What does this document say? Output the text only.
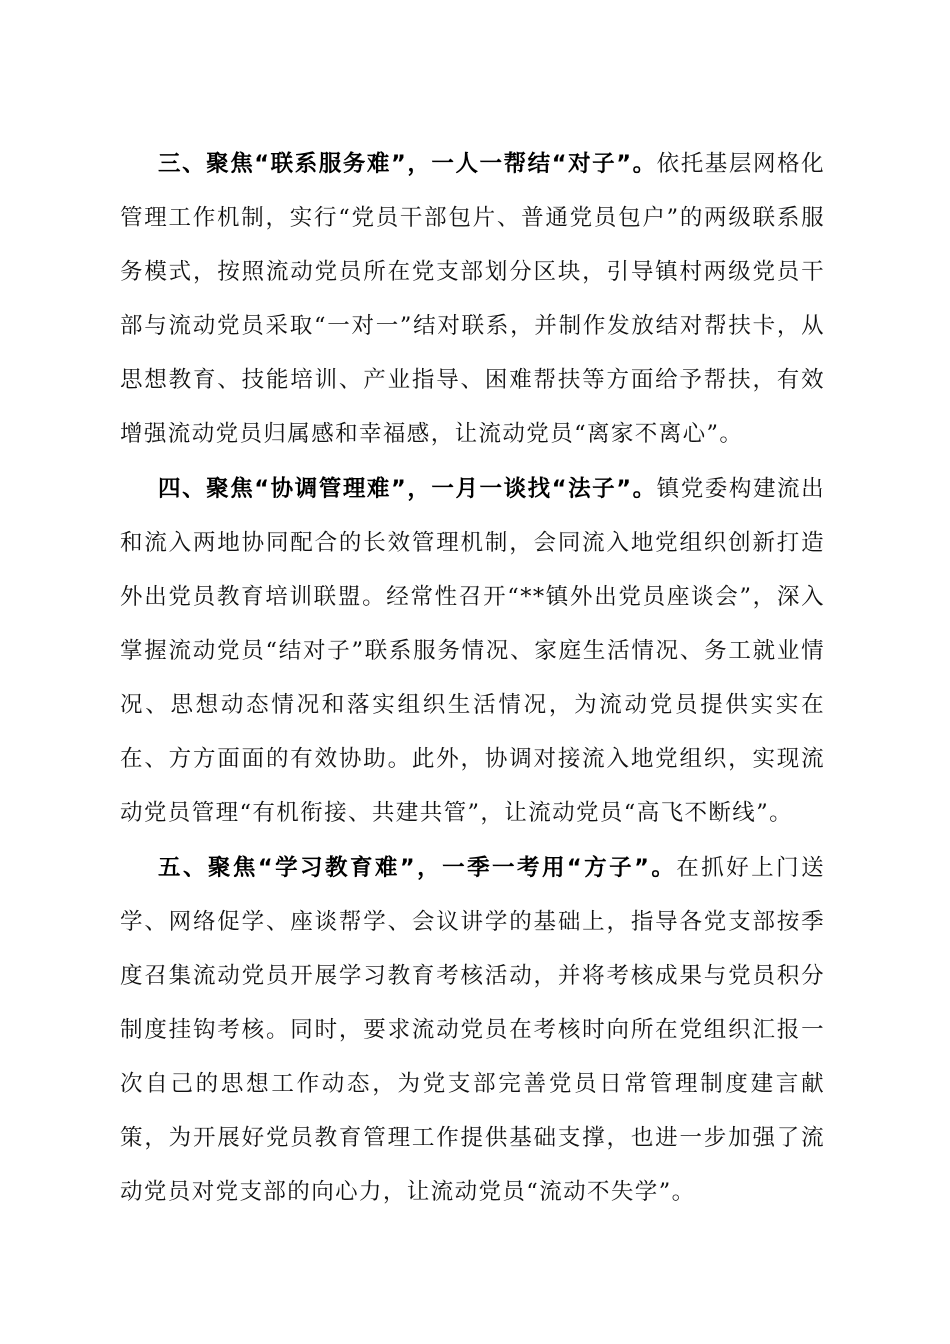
三、聚焦“联系服务难”，一人一帮结“对子”。依托基层网格化管理工作机制，实行“党员干部包片、普通党员包户”的两级联系服务模式，按照流动党员所在党支部划分区块，引导镇村两级党员干部与流动党员采取“一对一”结对联系，并制作发放结对帮扶卡，从思想教育、技能培训、产业指导、困难帮扶等方面给予帮扶，有效增强流动党员归属感和幸福感，让流动党员“离家不离心”。

四、聚焦“协调管理难”，一月一谈找“法子”。镇党委构建流出和流入两地协同配合的长效管理机制，会同流入地党组织创新打造外出党员教育培训联盟。经常性召开“**镇外出党员座谈会”，深入掌握流动党员“结对子”联系服务情况、家庭生活情况、务工就业情况、思想动态情况和落实组织生活情况，为流动党员提供实实在在、方方面面的有效协助。此外，协调对接流入地党组织，实现流动党员管理“有机衔接、共建共管”，让流动党员“高飞不断线”。

五、聚焦“学习教育难”，一季一考用“方子”。在抓好上门送学、网络促学、座谈帮学、会议讲学的基础上，指导各党支部按季度召集流动党员开展学习教育考核活动，并将考核成果与党员积分制度挂钩考核。同时，要求流动党员在考核时向所在党组织汇报一次自己的思想工作动态，为党支部完善党员日常管理制度建言献策，为开展好党员教育管理工作提供基础支撑，也进一步加强了流动党员对党支部的向心力，让流动党员“流动不失学”。
